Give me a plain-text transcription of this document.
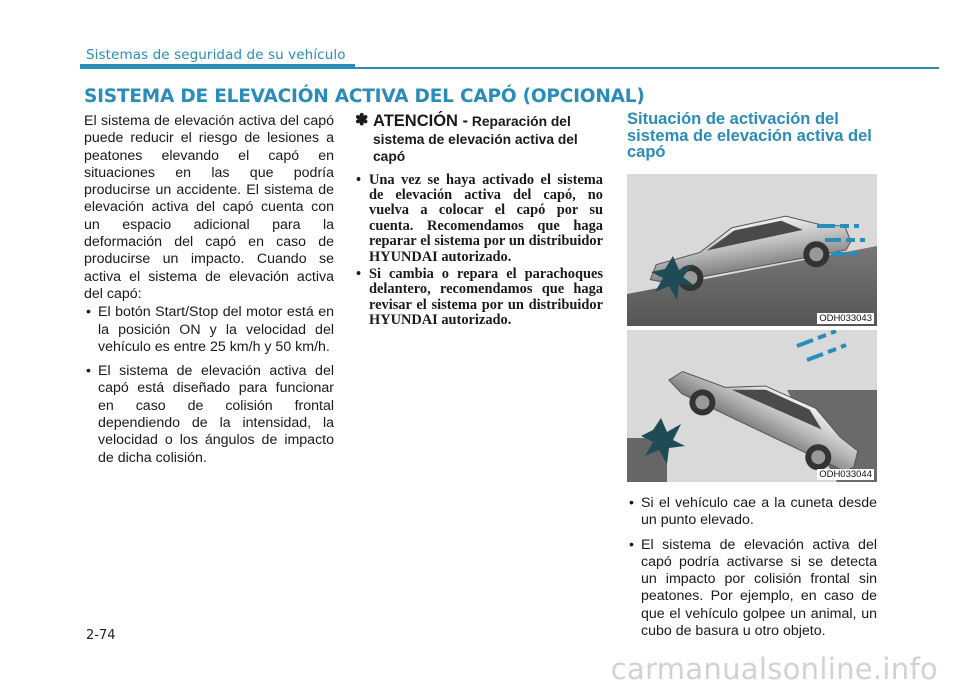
Sistemas de seguridad de su vehículo
SISTEMA DE ELEVACIÓN ACTIVA DEL CAPÓ (OPCIONAL)

El sistema de elevación activa del capó puede reducir el riesgo de lesiones a peatones elevando el capó en situaciones en las que podría producirse un accidente. El sistema de elevación activa del capó cuenta con un espacio adicional para la deformación del capó en caso de producirse un impacto. Cuando se activa el sistema de elevación activa del capó:

• El botón Start/Stop del motor está en la posición ON y la velocidad del vehículo es entre 25 km/h y 50 km/h.

• El sistema de elevación activa del capó está diseñado para funcionar en caso de colisión frontal dependiendo de la intensidad, la velocidad o los ángulos de impacto de dicha colisión.

✽ ATENCIÓN - Reparación del sistema de elevación activa del capó

• Una vez se haya activado el sistema de elevación activa del capó, no vuelva a colocar el capó por su cuenta. Recomendamos que haga reparar el sistema por un distribuidor HYUNDAI autorizado.

• Si cambia o repara el parachoques delantero, recomendamos que haga revisar el sistema por un distribuidor HYUNDAI autorizado.

Situación de activación del sistema de elevación activa del capó
ODH033043
ODH033044

• Si el vehículo cae a la cuneta desde un punto elevado.

• El sistema de elevación activa del capó podría activarse si se detecta un impacto por colisión frontal sin peatones. Por ejemplo, en caso de que el vehículo golpee un animal, un cubo de basura u otro objeto.

2-74
carmanualsonline.info
